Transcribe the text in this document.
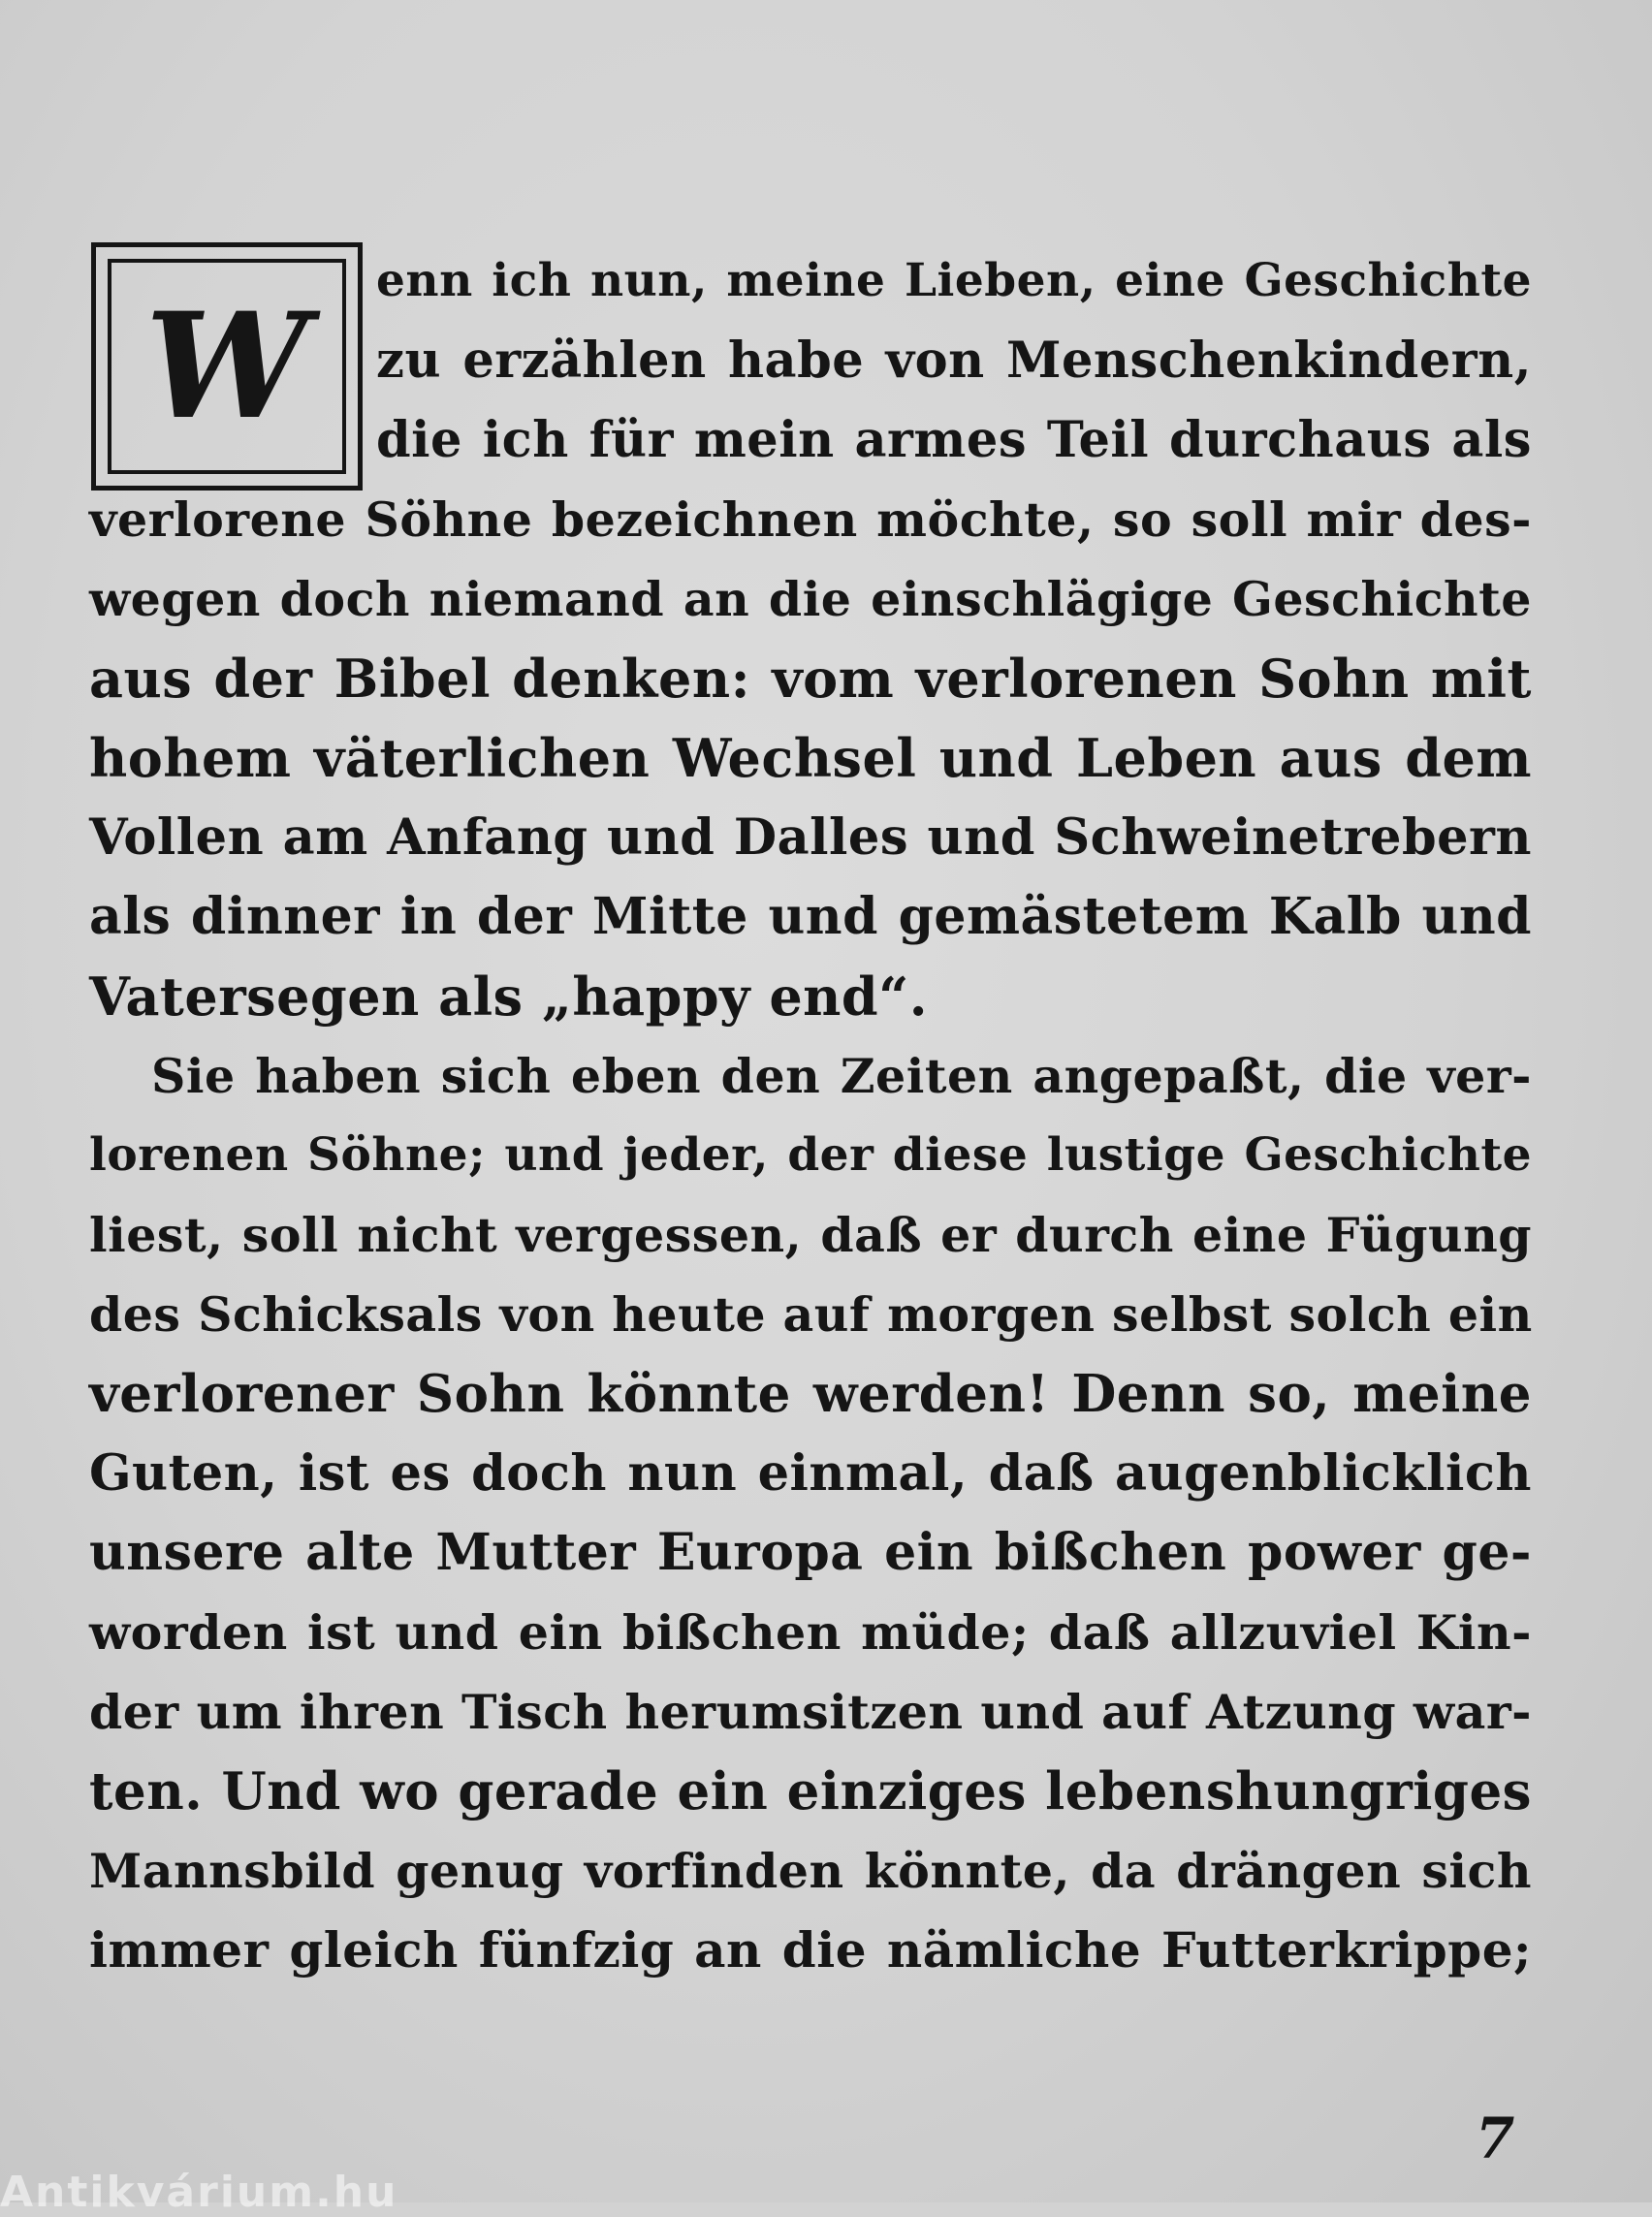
W
enn ich nun, meine Lieben, eine Geschichte
zu erzählen habe von Menschenkindern,
die ich für mein armes Teil durchaus als
verlorene Söhne bezeichnen möchte, so soll mir des-
wegen doch niemand an die einschlägige Geschichte
aus der Bibel denken: vom verlorenen Sohn mit
hohem väterlichen Wechsel und Leben aus dem
Vollen am Anfang und Dalles und Schweinetrebern
als dinner in der Mitte und gemästetem Kalb und
Vatersegen als „happy end“.
Sie haben sich eben den Zeiten angepaßt, die ver-
lorenen Söhne; und jeder, der diese lustige Geschichte
liest, soll nicht vergessen, daß er durch eine Fügung
des Schicksals von heute auf morgen selbst solch ein
verlorener Sohn könnte werden! Denn so, meine
Guten, ist es doch nun einmal, daß augenblicklich
unsere alte Mutter Europa ein bißchen power ge-
worden ist und ein bißchen müde; daß allzuviel Kin-
der um ihren Tisch herumsitzen und auf Atzung war-
ten. Und wo gerade ein einziges lebenshungriges
Mannsbild genug vorfinden könnte, da drängen sich
immer gleich fünfzig an die nämliche Futterkrippe;
7
Antikvárium.hu
